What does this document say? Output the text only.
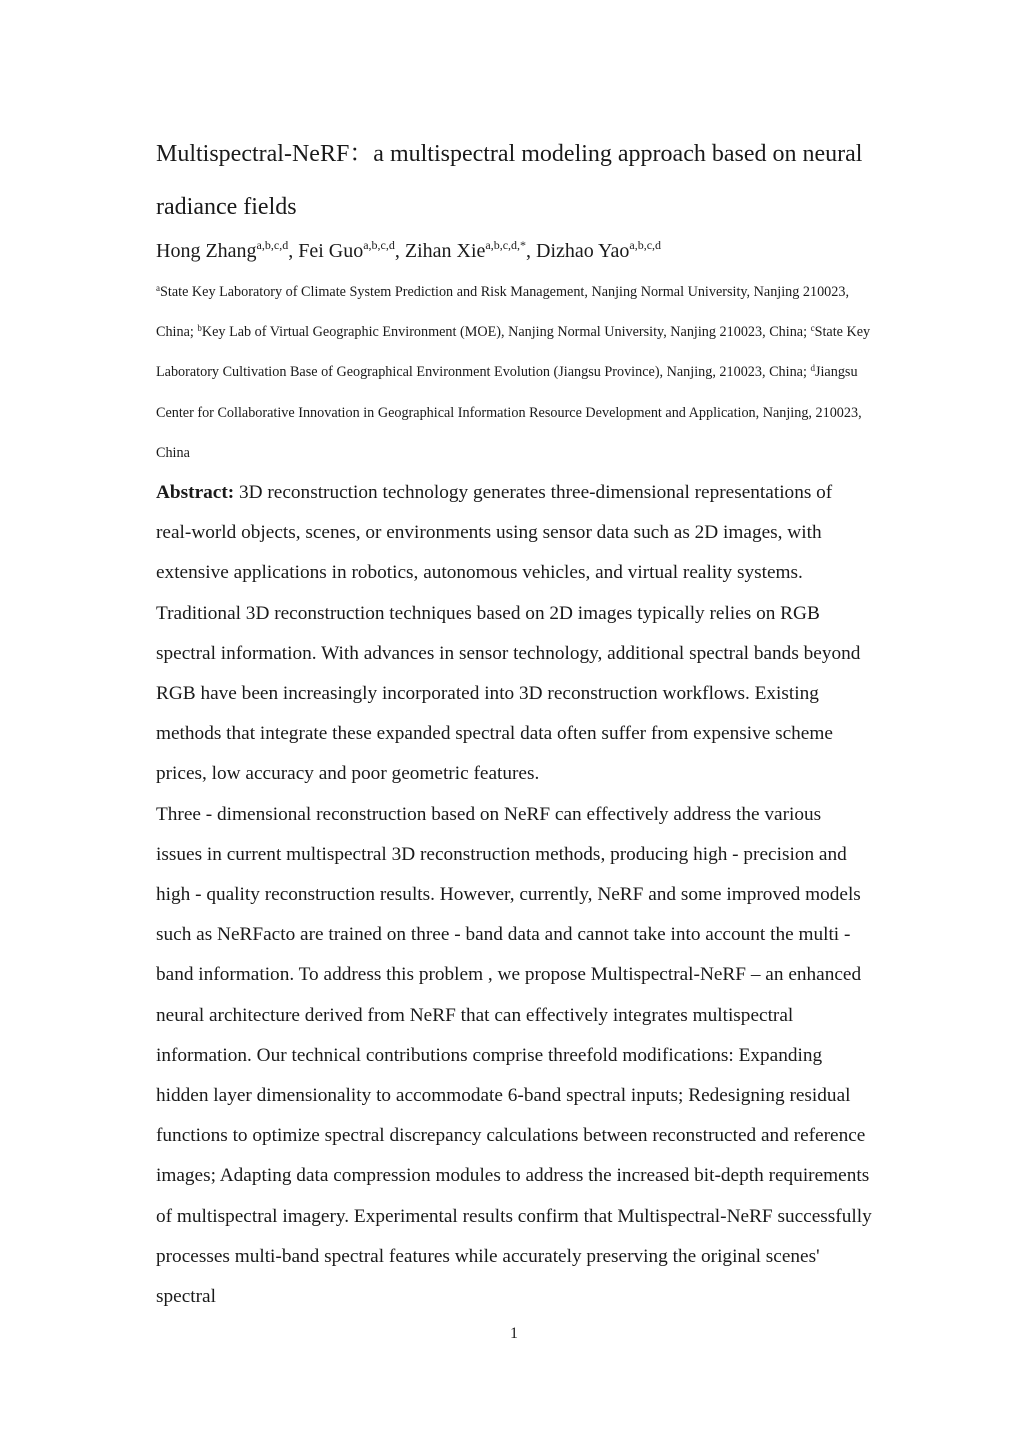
Multispectral-NeRF：a multispectral modeling approach based on neural radiance fields

Hong Zhang$^{a,b,c,d}$, Fei Guo$^{a,b,c,d}$, Zihan Xie$^{a,b,c,d,*}$, Dizhao Yao$^{a,b,c,d}$

$^a$State Key Laboratory of Climate System Prediction and Risk Management, Nanjing Normal University, Nanjing 210023, China; $^b$Key Lab of Virtual Geographic Environment (MOE), Nanjing Normal University, Nanjing 210023, China; $^c$State Key Laboratory Cultivation Base of Geographical Environment Evolution (Jiangsu Province), Nanjing, 210023, China; $^d$Jiangsu Center for Collaborative Innovation in Geographical Information Resource Development and Application, Nanjing, 210023, China

Abstract: 3D reconstruction technology generates three-dimensional representations of real-world objects, scenes, or environments using sensor data such as 2D images, with extensive applications in robotics, autonomous vehicles, and virtual reality systems. Traditional 3D reconstruction techniques based on 2D images typically relies on RGB spectral information. With advances in sensor technology, additional spectral bands beyond RGB have been increasingly incorporated into 3D reconstruction workflows. Existing methods that integrate these expanded spectral data often suffer from expensive scheme prices, low accuracy and poor geometric features.

Three - dimensional reconstruction based on NeRF can effectively address the various issues in current multispectral 3D reconstruction methods, producing high - precision and high - quality reconstruction results. However, currently, NeRF and some improved models such as NeRFacto are trained on three - band data and cannot take into account the multi - band information. To address this problem , we propose Multispectral-NeRF – an enhanced neural architecture derived from NeRF that can effectively integrates multispectral information. Our technical contributions comprise threefold modifications: Expanding hidden layer dimensionality to accommodate 6-band spectral inputs; Redesigning residual functions to optimize spectral discrepancy calculations between reconstructed and reference images; Adapting data compression modules to address the increased bit-depth requirements of multispectral imagery. Experimental results confirm that Multispectral-NeRF successfully processes multi-band spectral features while accurately preserving the original scenes' spectral

1
